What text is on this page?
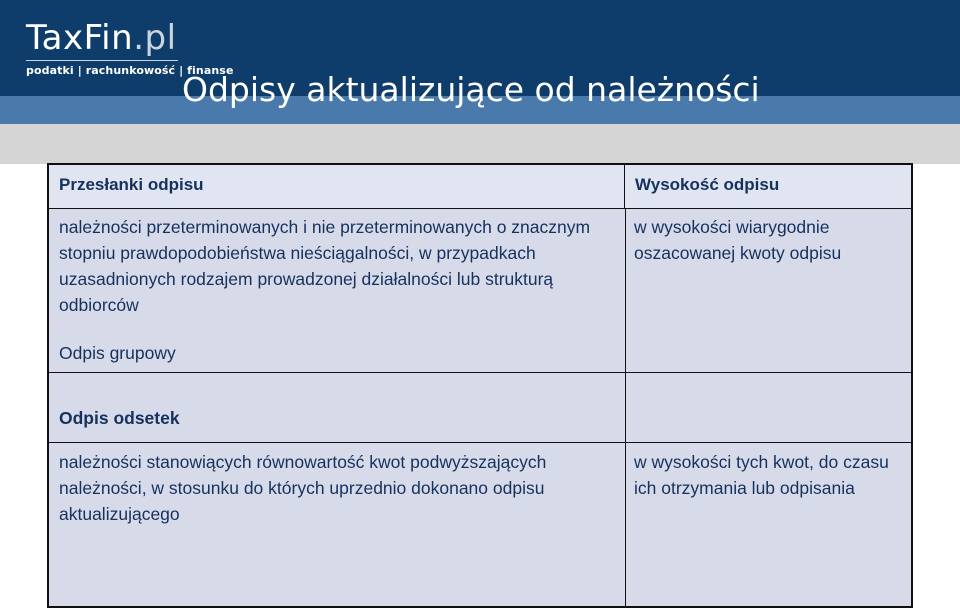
TaxFin.pl
podatki | rachunkowość | finanse
Odpisy aktualizujące od należności
Przesłanki odpisu	Wysokość odpisu
należności przeterminowanych i nie przeterminowanych o znacznym stopniu prawdopodobieństwa nieściągalności, w przypadkach uzasadnionych rodzajem prowadzonej działalności lub strukturą odbiorców
w wysokości wiarygodnie oszacowanej kwoty odpisu
Odpis grupowy
Odpis odsetek
należności stanowiących równowartość kwot podwyższających należności, w stosunku do których uprzednio dokonano odpisu aktualizującego
w wysokości tych kwot, do czasu ich otrzymania lub odpisania
